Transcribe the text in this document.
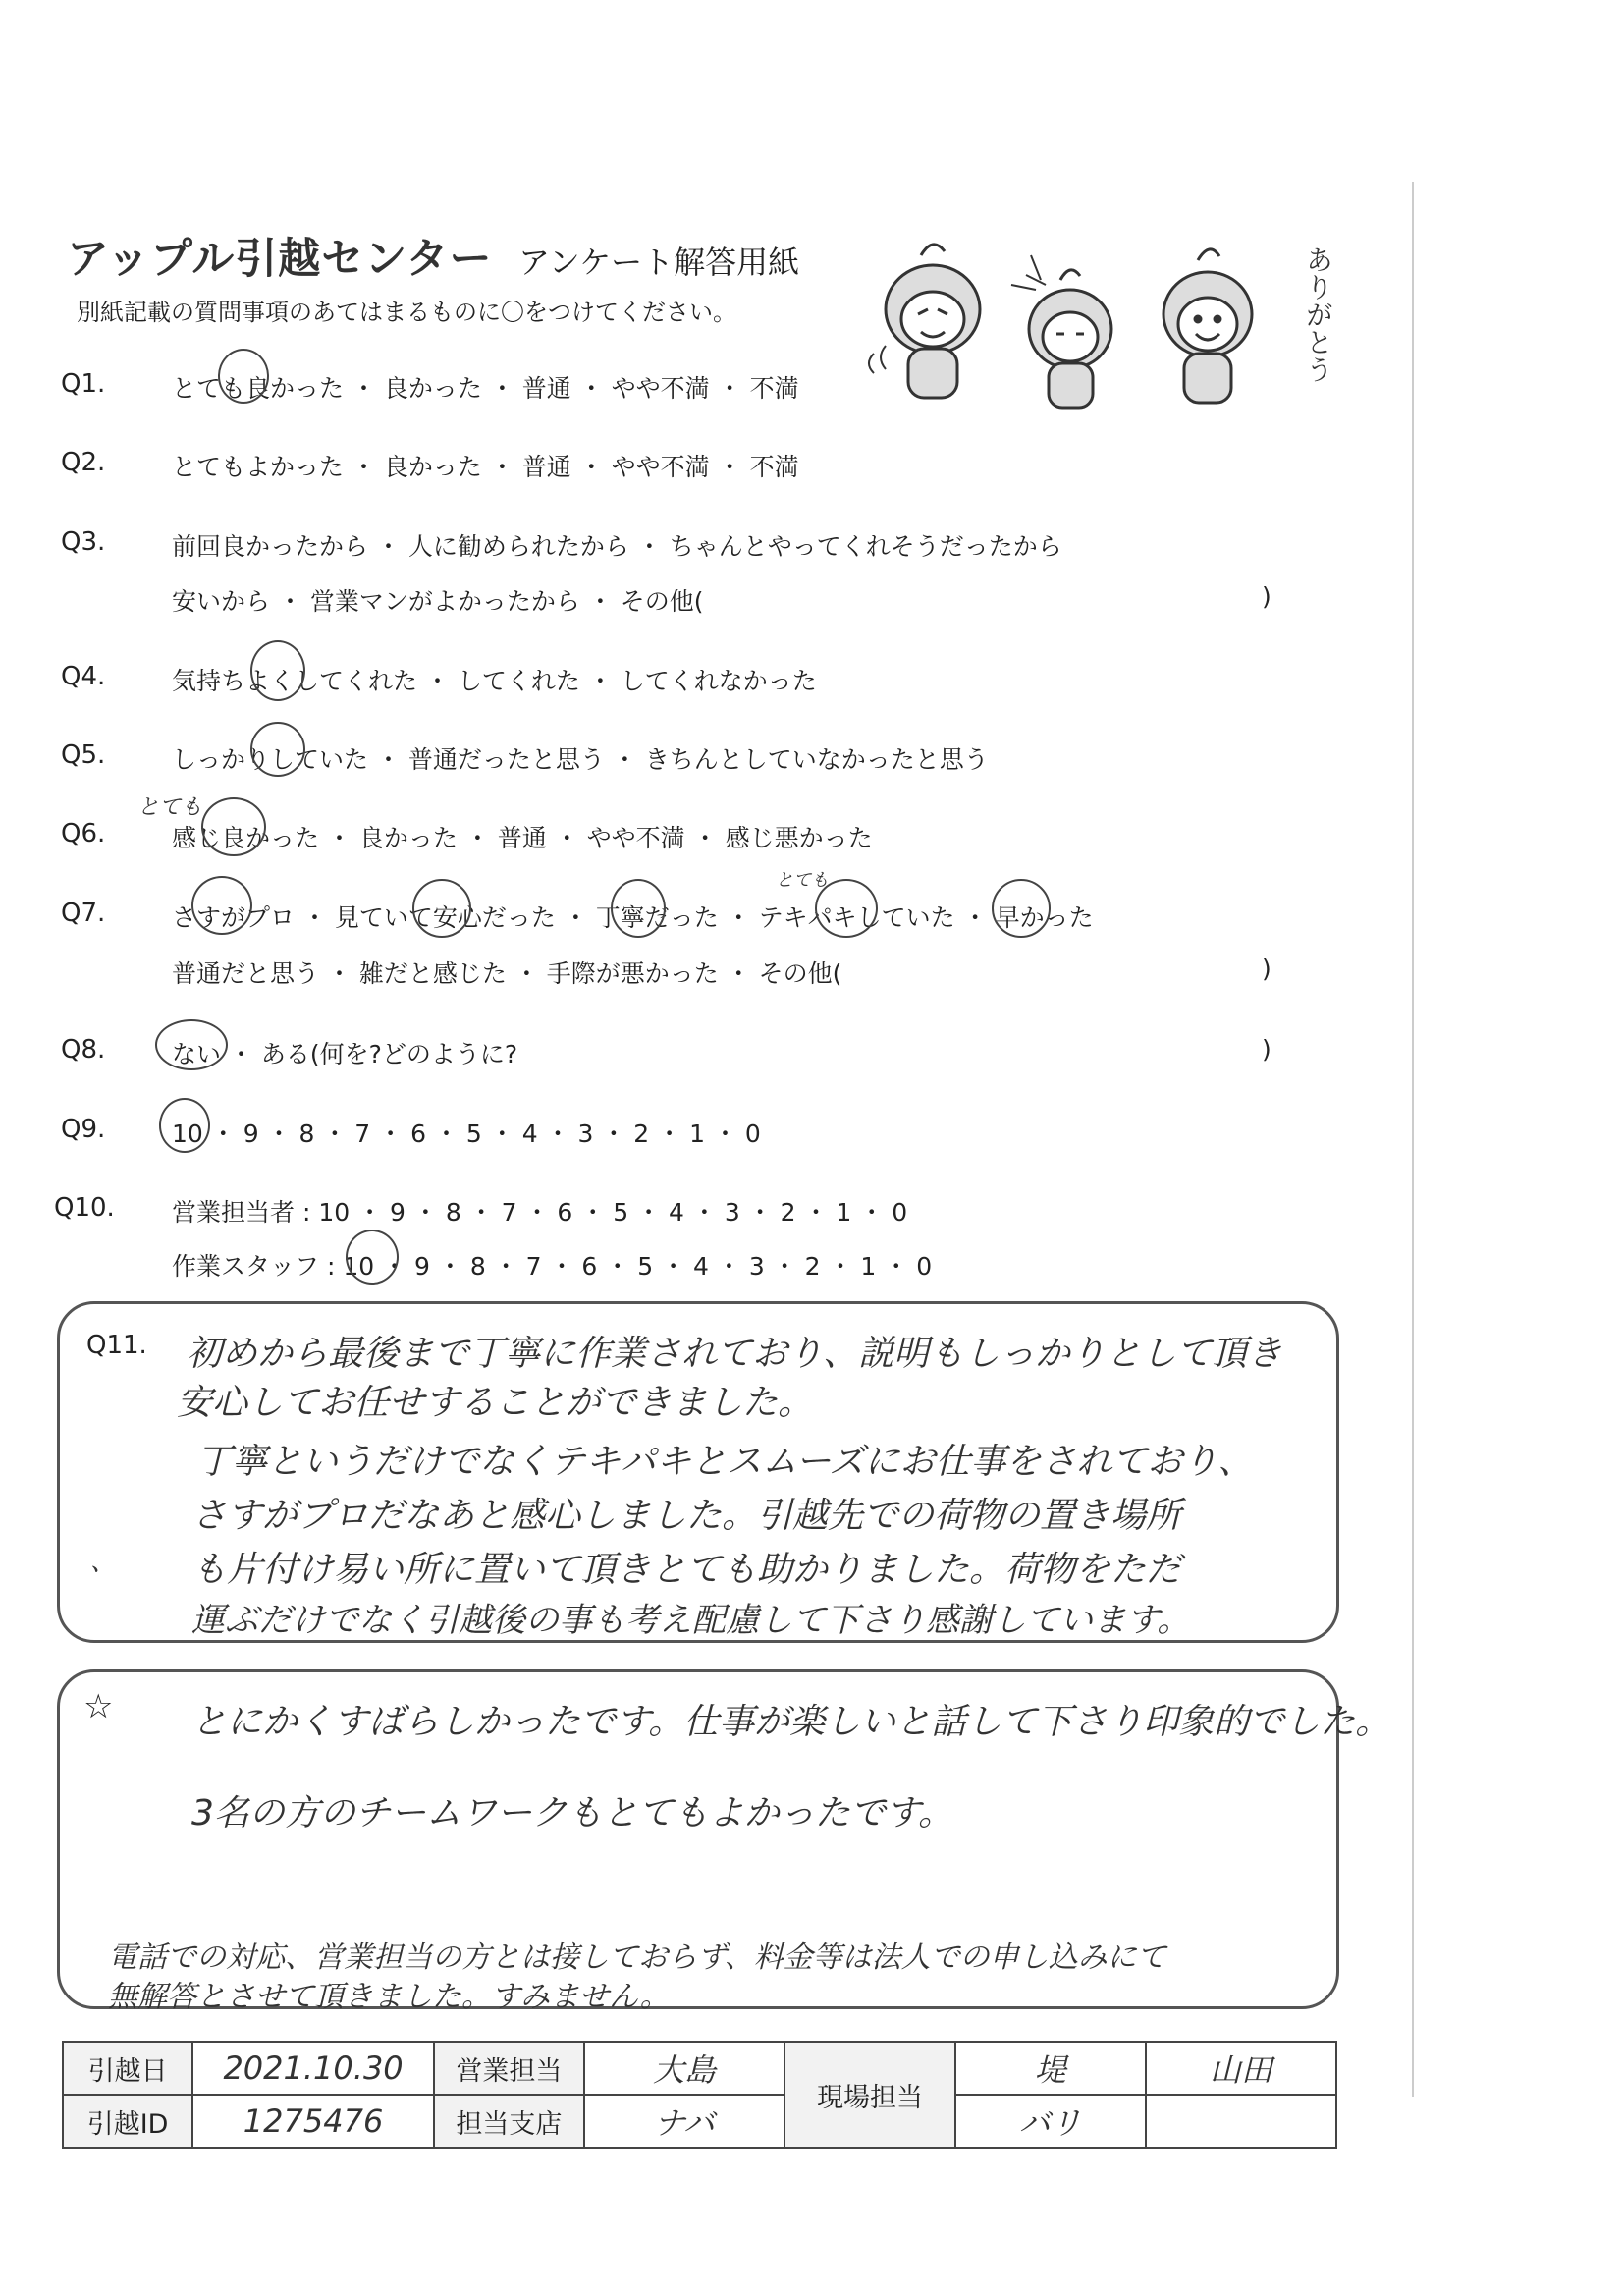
アップル引越センター アンケート解答用紙
別紙記載の質問事項のあてはまるものに〇をつけてください。	ありがとう
Q1.	とても良かった ・ 良かった ・ 普通 ・ やや不満 ・ 不満
Q2.	とてもよかった ・ 良かった ・ 普通 ・ やや不満 ・ 不満
Q3.	前回良かったから ・ 人に勧められたから ・ ちゃんとやってくれそうだったから
安いから ・ 営業マンがよかったから ・ その他(	)
Q4.	気持ちよくしてくれた ・ してくれた ・ してくれなかった
Q5.	しっかりしていた ・ 普通だったと思う ・ きちんとしていなかったと思う
とても
Q6.	感じ良かった ・ 良かった ・ 普通 ・ やや不満 ・ 感じ悪かった
とても
Q7.	さすがプロ ・ 見ていて安心だった ・ 丁寧だった ・ テキパキしていた ・ 早かった
普通だと思う ・ 雑だと感じた ・ 手際が悪かった ・ その他(	)
Q8.	ない ・ ある(何を?どのように?	)
Q9.	10 ・ 9 ・ 8 ・ 7 ・ 6 ・ 5 ・ 4 ・ 3 ・ 2 ・ 1 ・ 0
Q10. 営業担当者 : 10 ・ 9 ・ 8 ・ 7 ・ 6 ・ 5 ・ 4 ・ 3 ・ 2 ・ 1 ・ 0
作業スタッフ : 10 ・ 9 ・ 8 ・ 7 ・ 6 ・ 5 ・ 4 ・ 3 ・ 2 ・ 1 ・ 0
Q11. 初めから最後まで丁寧に作業されており、説明もしっかりとして頂き
安心してお任せすることができました。
丁寧というだけでなくテキパキとスムーズにお仕事をされており、
さすがプロだなあと感心しました。引越先での荷物の置き場所
も片付け易い所に置いて頂きとても助かりました。荷物をただ
運ぶだけでなく引越後の事も考え配慮して下さり感謝しています。
、
☆ とにかくすばらしかったです。仕事が楽しいと話して下さり印象的でした。
3名の方のチームワークもとてもよかったです。
電話での対応、営業担当の方とは接しておらず、料金等は法人での申し込みにて
無解答とさせて頂きました。すみません。
引越日	2021.10.30	営業担当	大島	現場担当	堤	山田
引越ID	1275476	担当支店	ナバ		バリ	
